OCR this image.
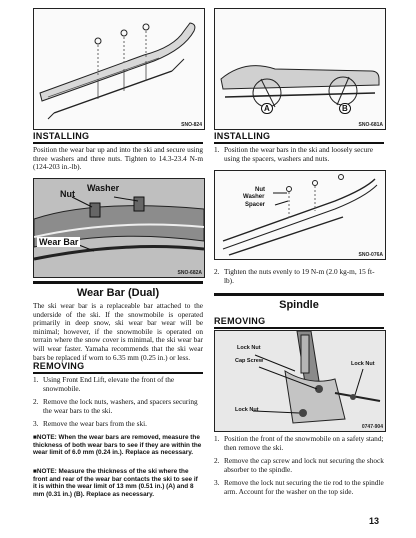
SNO-824
INSTALLING
Position the wear bar up and into the ski and secure using three washers and three nuts. Tighten to 14.3-23.4 N-m (124-203 in.-lb).
Nut
Washer
Wear Bar
SNO-682A
Wear Bar (Dual)
The ski wear bar is a replaceable bar attached to the underside of the ski. If the snowmobile is operated primarily in deep snow, ski wear bar wear will be minimal; however, if the snowmobile is operated on terrain where the snow cover is minimal, the ski wear bar will wear faster. Yamaha recommends that the ski wear bars be replaced if worn to 6.35 mm (0.25 in.) or less.
REMOVING
1. Using Front End Lift, elevate the front of the snowmobile.
2. Remove the lock nuts, washers, and spacers securing the wear bars to the ski.
3. Remove the wear bars from the ski.
■NOTE: When the wear bars are removed, measure the thickness of both wear bars to see if they are within the wear limit of 6.0 mm (0.24 in.). Replace as necessary.
■NOTE: Measure the thickness of the ski where the front and rear of the wear bar contacts the ski to see if it is within the wear limit of 13 mm (0.51 in.) (A) and 8 mm (0.31 in.) (B). Replace as necessary.
A	B
SNO-681A
INSTALLING
1. Position the wear bars in the ski and loosely secure using the spacers, washers and nuts.
Nut
Washer
Spacer
SNO-076A
2. Tighten the nuts evenly to 19 N-m (2.0 kg-m, 15 ft-lb).
Spindle
REMOVING
Lock Nut
Cap Screw	Lock Nut
Lock Nut
0747-904
1. Position the front of the snowmobile on a safety stand; then remove the ski.
2. Remove the cap screw and lock nut securing the shock absorber to the spindle.
3. Remove the lock nut securing the tie rod to the spindle arm. Account for the washer on the top side.
13
